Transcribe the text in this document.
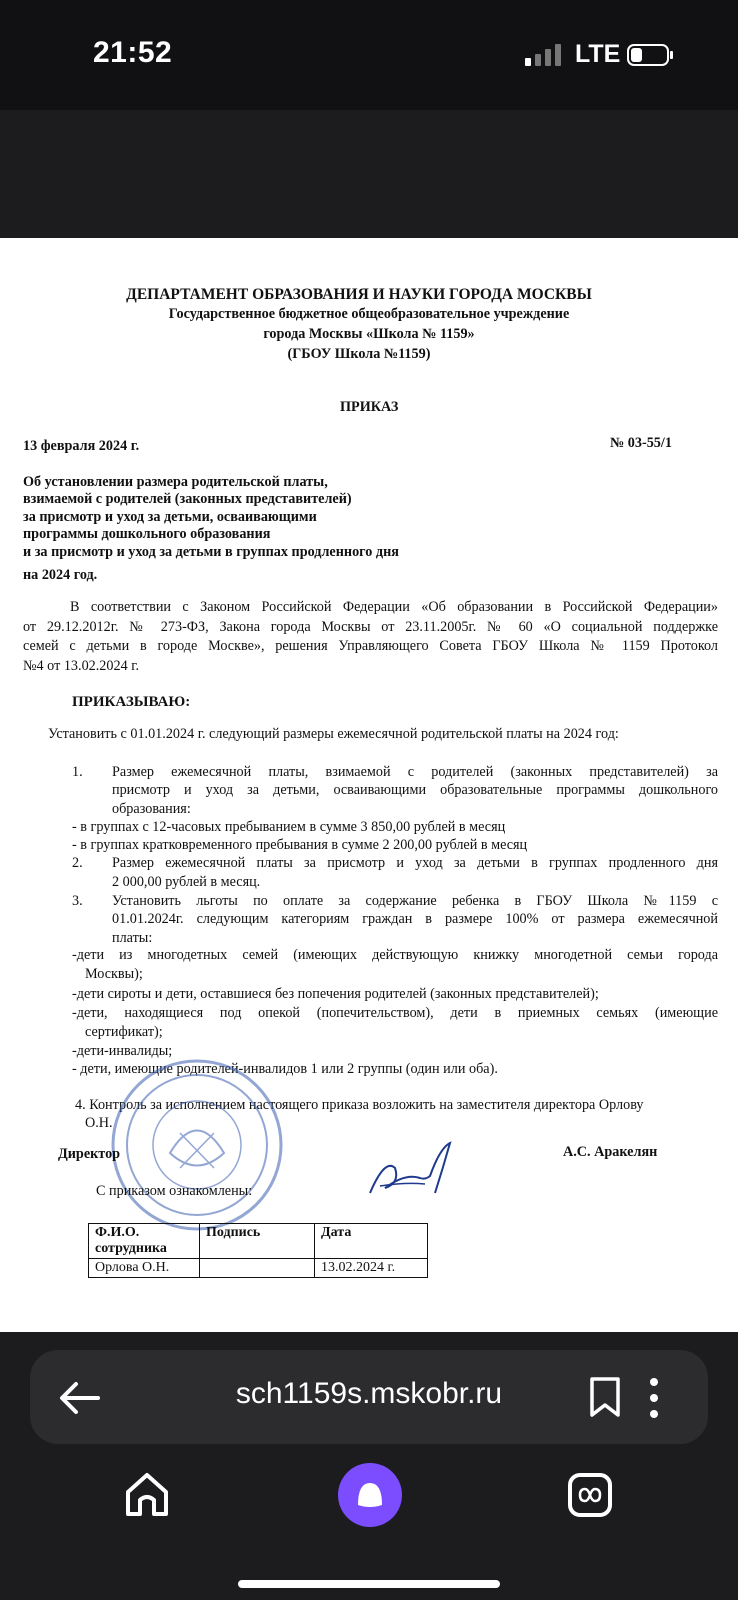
21:52	LTE
ДЕПАРТАМЕНТ ОБРАЗОВАНИЯ И НАУКИ ГОРОДА МОСКВЫ
Государственное бюджетное общеобразовательное учреждение
города Москвы «Школа № 1159»
(ГБОУ Школа №1159)
ПРИКАЗ
13 февраля 2024 г.	№ 03-55/1
Об установлении размера родительской платы,
взимаемой с родителей (законных представителей)
за присмотр и уход за детьми, осваивающими
программы дошкольного образования
и за присмотр и уход за детьми в группах продленного дня
на 2024 год.
В соответствии с Законом Российской Федерации «Об образовании в Российской Федерации»
от 29.12.2012г. № 273-ФЗ, Закона города Москвы от 23.11.2005г. № 60 «О социальной поддержке
семей с детьми в городе Москве», решения Управляющего Совета ГБОУ Школа № 1159 Протокол
№4 от 13.02.2024 г.
ПРИКАЗЫВАЮ:
Установить с 01.01.2024 г. следующий размеры ежемесячной родительской платы на 2024 год:
1. Размер ежемесячной платы, взимаемой с родителей (законных представителей) за
присмотр и уход за детьми, осваивающими образовательные программы дошкольного
образования:
- в группах с 12-часовых пребыванием в сумме 3 850,00 рублей в месяц
- в группах кратковременного пребывания в сумме 2 200,00 рублей в месяц
2. Размер ежемесячной платы за присмотр и уход за детьми в группах продленного дня
2 000,00 рублей в месяц.
3. Установить льготы по оплате за содержание ребенка в ГБОУ Школа №1159 с
01.01.2024г. следующим категориям граждан в размере 100% от размера ежемесячной
платы:
-дети из многодетных семей (имеющих действующую книжку многодетной семьи города
Москвы);
-дети сироты и дети, оставшиеся без попечения родителей (законных представителей);
-дети, находящиеся под опекой (попечительством), дети в приемных семьях (имеющие
сертификат);
-дети-инвалиды;
- дети, имеющие родителей-инвалидов 1 или 2 группы (один или оба).
4. Контроль за исполнением настоящего приказа возложить на заместителя директора Орлову
О.Н.
Директор	А.С. Аракелян
С приказом ознакомлены:
Ф.И.О. сотрудника	Подпись	Дата
Орлова О.Н.		13.02.2024 г.
sch1159s.mskobr.ru
